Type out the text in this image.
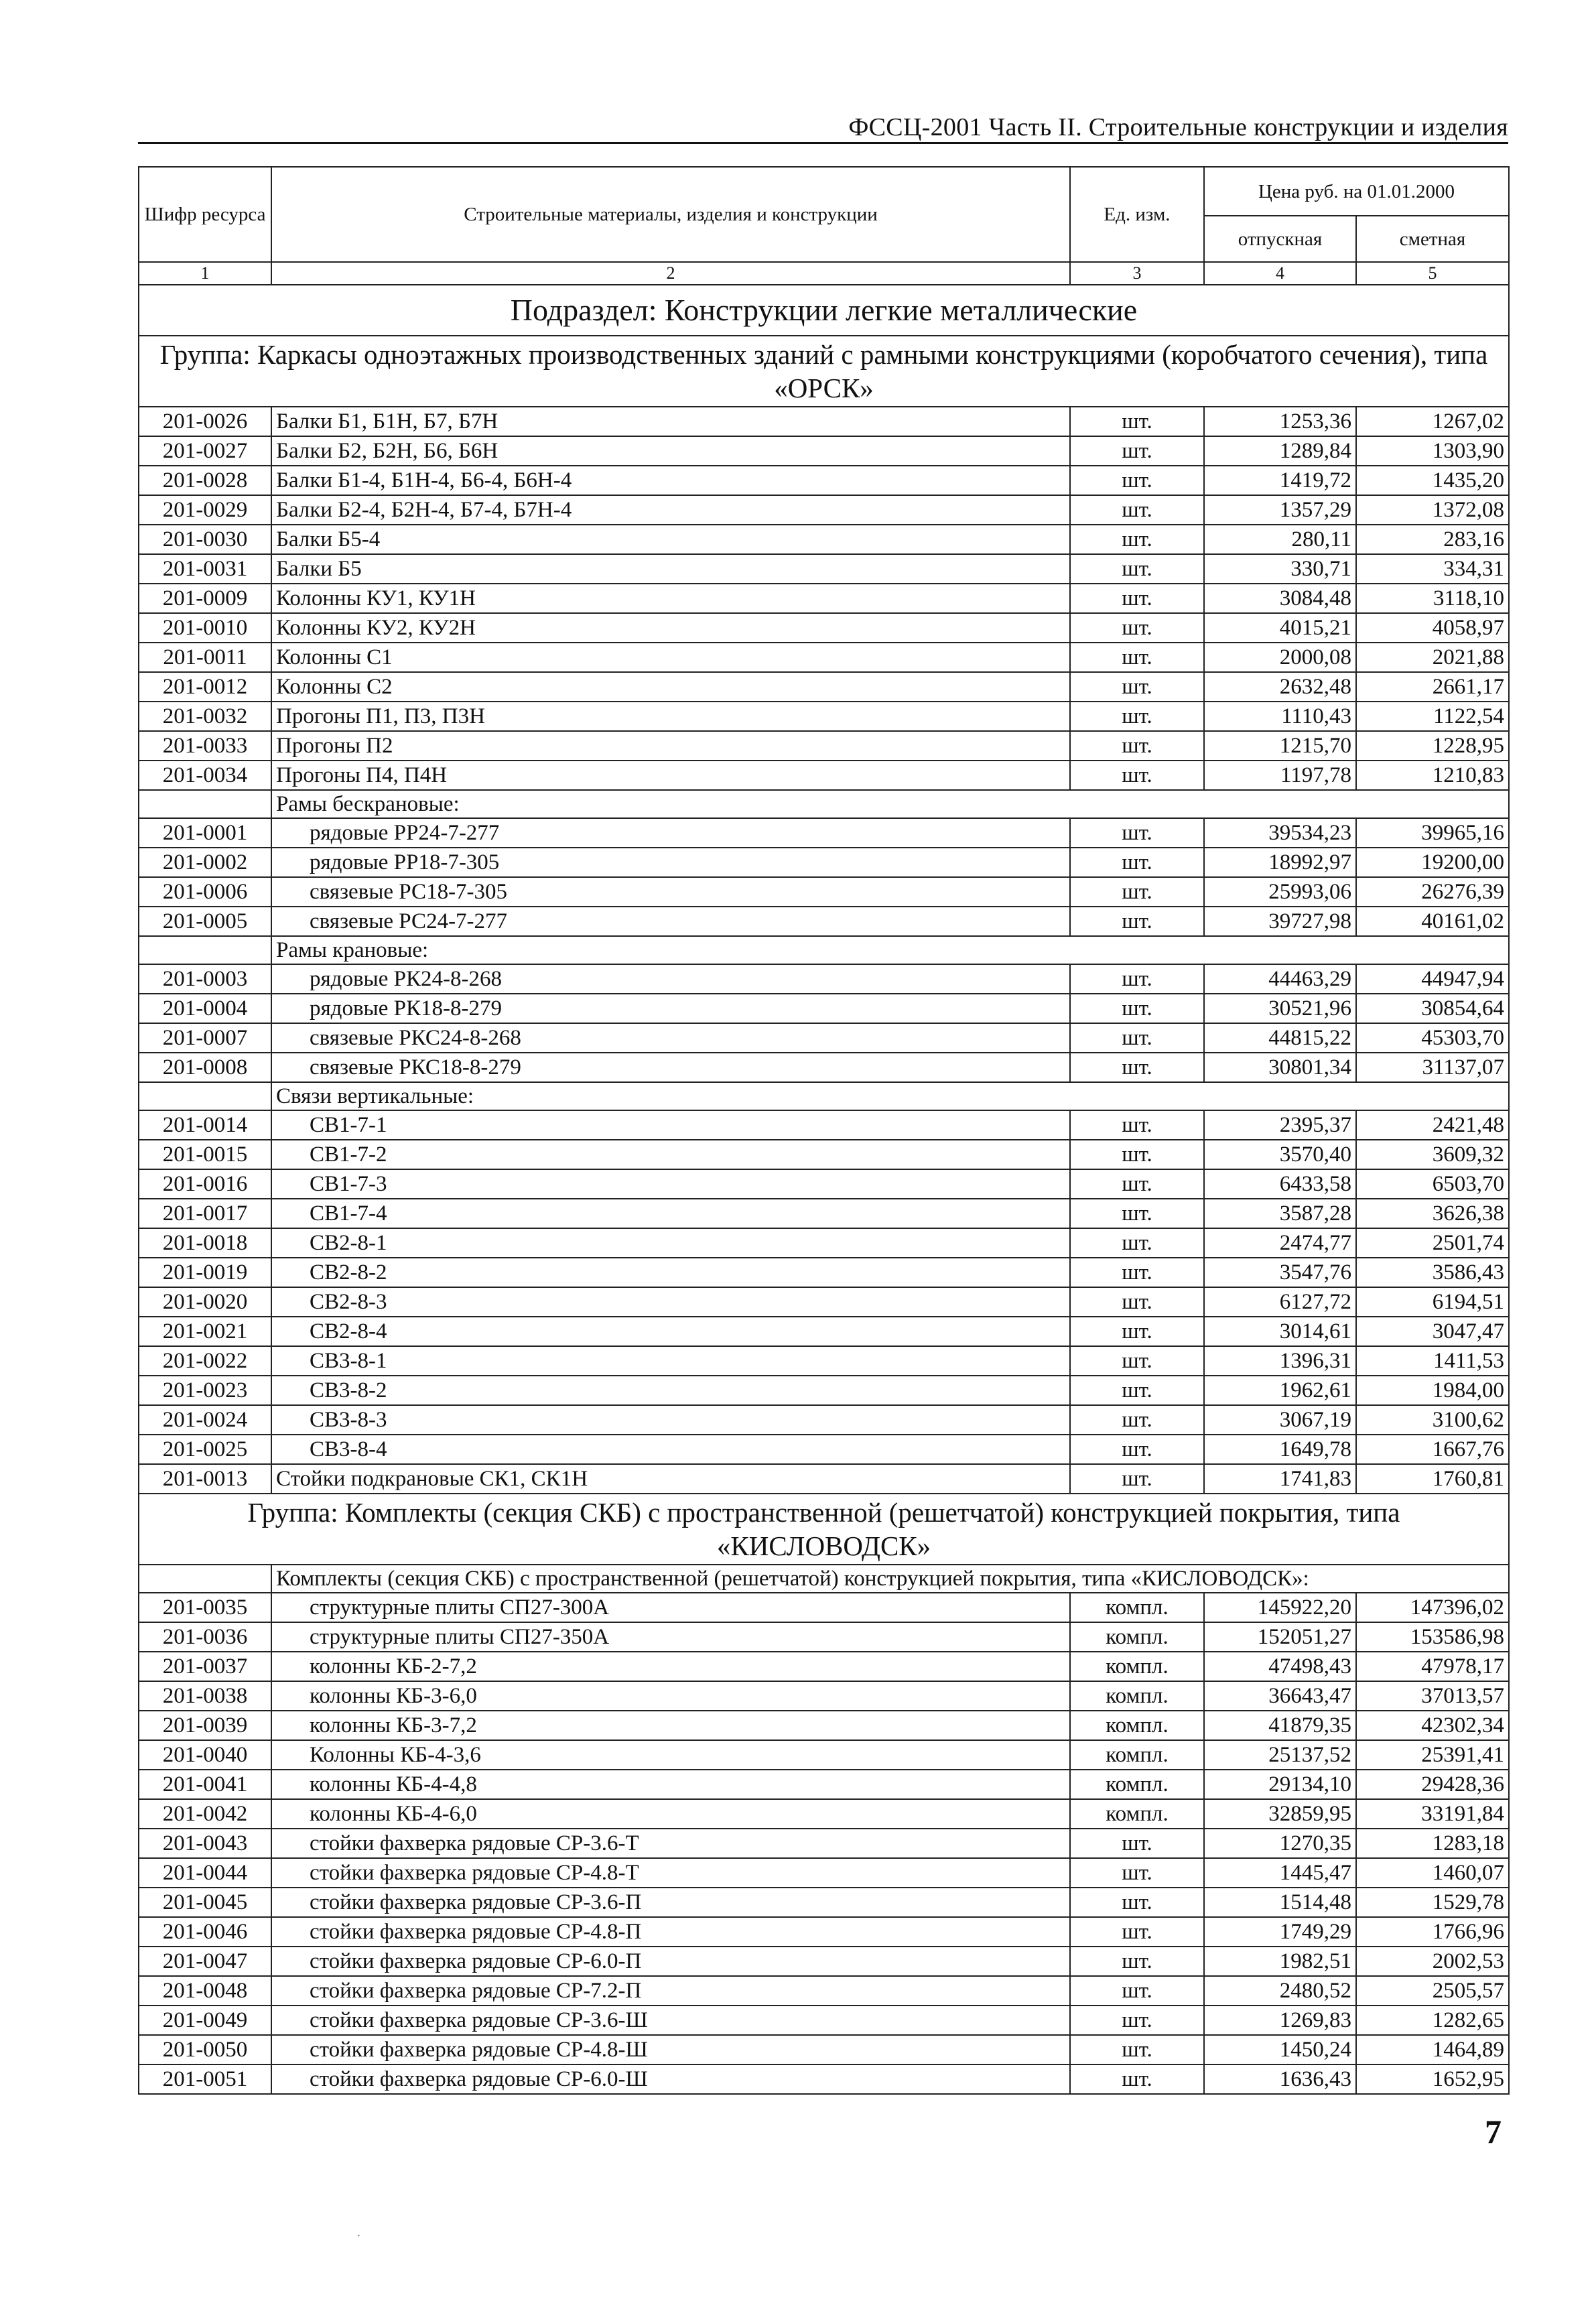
ФССЦ-2001 Часть II. Строительные конструкции и изделия
Шифр ресурса	Строительные материалы, изделия и конструкции	Ед. изм.	Цена руб. на 01.01.2000	
			отпускная	сметная
1	2	3	4	5
Подраздел: Конструкции легкие металлические				
Группа: Каркасы одноэтажных производственных зданий с рамными конструкциями (коробчатого сечения), типа «ОРСК»				
201-0026	Балки Б1, Б1Н, Б7, Б7Н	шт.	1253,36	1267,02
201-0027	Балки Б2, Б2Н, Б6, Б6Н	шт.	1289,84	1303,90
201-0028	Балки Б1-4, Б1Н-4, Б6-4, Б6Н-4	шт.	1419,72	1435,20
201-0029	Балки Б2-4, Б2Н-4, Б7-4, Б7Н-4	шт.	1357,29	1372,08
201-0030	Балки Б5-4	шт.	280,11	283,16
201-0031	Балки Б5	шт.	330,71	334,31
201-0009	Колонны КУ1, КУ1Н	шт.	3084,48	3118,10
201-0010	Колонны КУ2, КУ2Н	шт.	4015,21	4058,97
201-0011	Колонны С1	шт.	2000,08	2021,88
201-0012	Колонны С2	шт.	2632,48	2661,17
201-0032	Прогоны П1, П3, П3Н	шт.	1110,43	1122,54
201-0033	Прогоны П2	шт.	1215,70	1228,95
201-0034	Прогоны П4, П4Н	шт.	1197,78	1210,83
	Рамы бескрановые:			
201-0001	рядовые РР24-7-277	шт.	39534,23	39965,16
201-0002	рядовые РР18-7-305	шт.	18992,97	19200,00
201-0006	связевые РС18-7-305	шт.	25993,06	26276,39
201-0005	связевые РС24-7-277	шт.	39727,98	40161,02
	Рамы крановые:			
201-0003	рядовые РК24-8-268	шт.	44463,29	44947,94
201-0004	рядовые РК18-8-279	шт.	30521,96	30854,64
201-0007	связевые РКС24-8-268	шт.	44815,22	45303,70
201-0008	связевые РКС18-8-279	шт.	30801,34	31137,07
	Связи вертикальные:			
201-0014	СВ1-7-1	шт.	2395,37	2421,48
201-0015	СВ1-7-2	шт.	3570,40	3609,32
201-0016	СВ1-7-3	шт.	6433,58	6503,70
201-0017	СВ1-7-4	шт.	3587,28	3626,38
201-0018	СВ2-8-1	шт.	2474,77	2501,74
201-0019	СВ2-8-2	шт.	3547,76	3586,43
201-0020	СВ2-8-3	шт.	6127,72	6194,51
201-0021	СВ2-8-4	шт.	3014,61	3047,47
201-0022	СВ3-8-1	шт.	1396,31	1411,53
201-0023	СВ3-8-2	шт.	1962,61	1984,00
201-0024	СВ3-8-3	шт.	3067,19	3100,62
201-0025	СВ3-8-4	шт.	1649,78	1667,76
201-0013	Стойки подкрановые СК1, СК1Н	шт.	1741,83	1760,81
Группа: Комплекты (секция СКБ) с пространственной (решетчатой) конструкцией покрытия, типа «КИСЛОВОДСК»				
	Комплекты (секция СКБ) с пространственной (решетчатой) конструкцией покрытия, типа «КИСЛОВОДСК»:			
201-0035	структурные плиты СП27-300А	компл.	145922,20	147396,02
201-0036	структурные плиты СП27-350А	компл.	152051,27	153586,98
201-0037	колонны КБ-2-7,2	компл.	47498,43	47978,17
201-0038	колонны КБ-3-6,0	компл.	36643,47	37013,57
201-0039	колонны КБ-3-7,2	компл.	41879,35	42302,34
201-0040	Колонны КБ-4-3,6	компл.	25137,52	25391,41
201-0041	колонны КБ-4-4,8	компл.	29134,10	29428,36
201-0042	колонны КБ-4-6,0	компл.	32859,95	33191,84
201-0043	стойки фахверка рядовые СР-3.6-Т	шт.	1270,35	1283,18
201-0044	стойки фахверка рядовые СР-4.8-Т	шт.	1445,47	1460,07
201-0045	стойки фахверка рядовые СР-3.6-П	шт.	1514,48	1529,78
201-0046	стойки фахверка рядовые СР-4.8-П	шт.	1749,29	1766,96
201-0047	стойки фахверка рядовые СР-6.0-П	шт.	1982,51	2002,53
201-0048	стойки фахверка рядовые СР-7.2-П	шт.	2480,52	2505,57
201-0049	стойки фахверка рядовые СР-3.6-Ш	шт.	1269,83	1282,65
201-0050	стойки фахверка рядовые СР-4.8-Ш	шт.	1450,24	1464,89
201-0051	стойки фахверка рядовые СР-6.0-Ш	шт.	1636,43	1652,95
7
·
